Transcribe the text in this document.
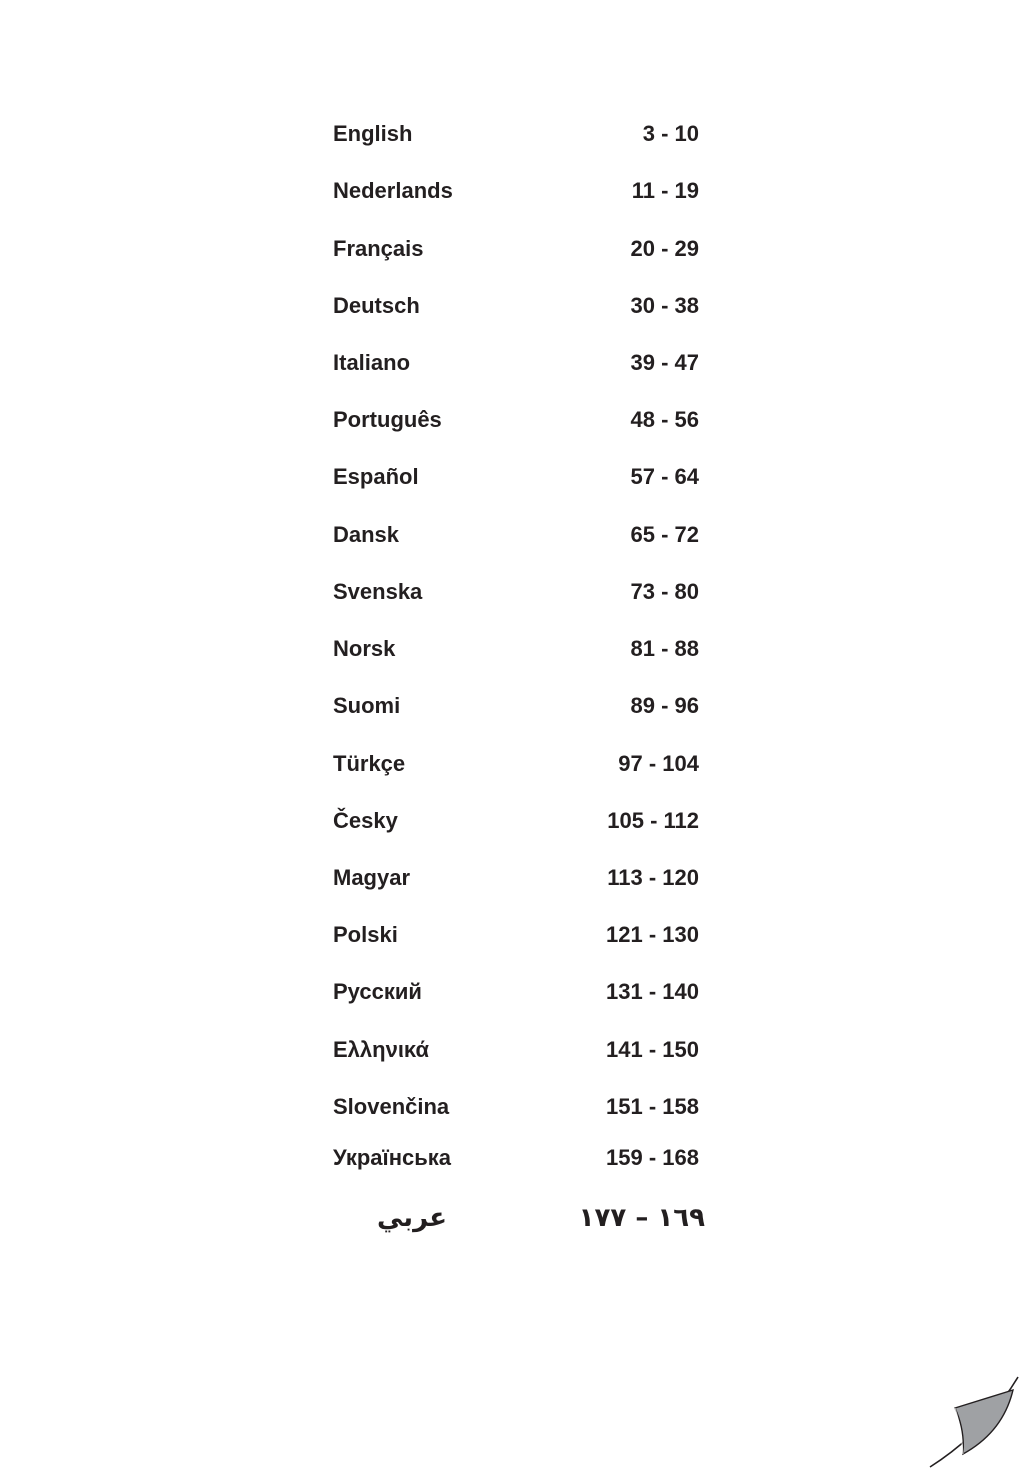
English	3 - 10
Nederlands	11 - 19
Français	20 - 29
Deutsch	30 - 38
Italiano	39 - 47
Português	48 - 56
Español	57 - 64
Dansk	65 - 72
Svenska	73 - 80
Norsk	81 - 88
Suomi	89 - 96
Türkçe	97 - 104
Česky	105 - 112
Magyar	113 - 120
Polski	121 - 130
Русский	131 - 140
Ελληνικά	141 - 150
Slovenčina	151 - 158
Українська	159 - 168
عربي	١٦٩ – ١٧٧
